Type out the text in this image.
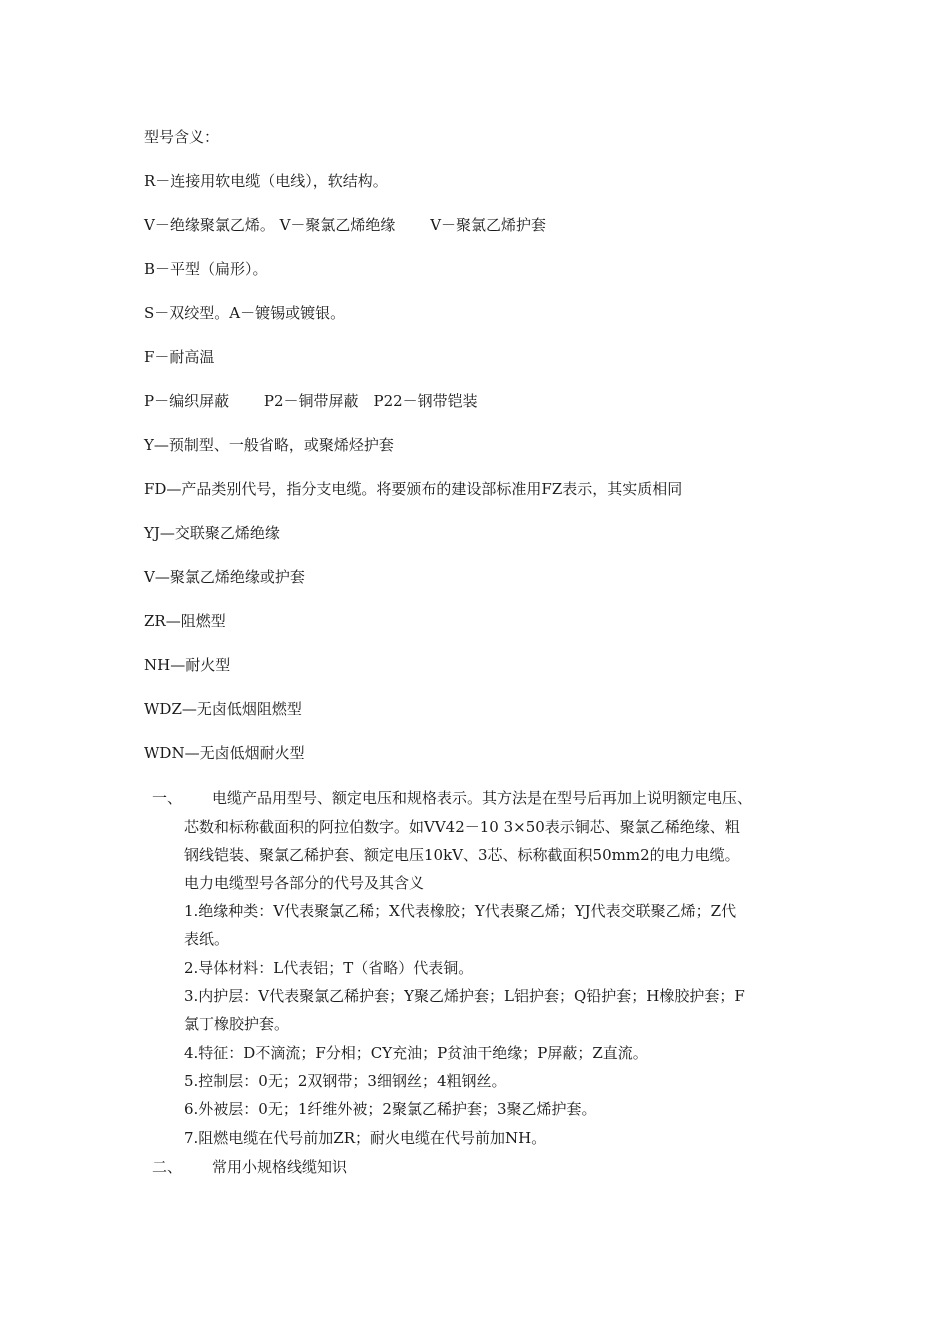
型号含义：
R－连接用软电缆（电线），软结构。
V－绝缘聚氯乙烯。 V－聚氯乙烯绝缘　　 V－聚氯乙烯护套
B－平型（扁形）。
S－双绞型。A－镀锡或镀银。
F－耐高温
P－编织屏蔽　　 P2－铜带屏蔽　P22－钢带铠装
Y—预制型、一般省略，或聚烯烃护套
FD—产品类别代号，指分支电缆。将要颁布的建设部标准用FZ表示，其实质相同
YJ—交联聚乙烯绝缘
V—聚氯乙烯绝缘或护套
ZR—阻燃型
NH—耐火型
WDZ—无卤低烟阻燃型
WDN—无卤低烟耐火型
一、 电缆产品用型号、额定电压和规格表示。其方法是在型号后再加上说明额定电压、
芯数和标称截面积的阿拉伯数字。如VV42－10 3×50表示铜芯、聚氯乙稀绝缘、粗
钢线铠装、聚氯乙稀护套、额定电压10kV、3芯、标称截面积50mm2的电力电缆。
电力电缆型号各部分的代号及其含义
1.绝缘种类：V代表聚氯乙稀；X代表橡胶；Y代表聚乙烯；YJ代表交联聚乙烯；Z代
表纸。
2.导体材料：L代表铝；T（省略）代表铜。
3.内护层：V代表聚氯乙稀护套；Y聚乙烯护套；L铝护套；Q铅护套；H橡胶护套；F
氯丁橡胶护套。
4.特征：D不滴流；F分相；CY充油；P贫油干绝缘；P屏蔽；Z直流。
5.控制层：0无；2双钢带；3细钢丝；4粗钢丝。
6.外被层：0无；1纤维外被；2聚氯乙稀护套；3聚乙烯护套。
7.阻燃电缆在代号前加ZR；耐火电缆在代号前加NH。
二、 常用小规格线缆知识
